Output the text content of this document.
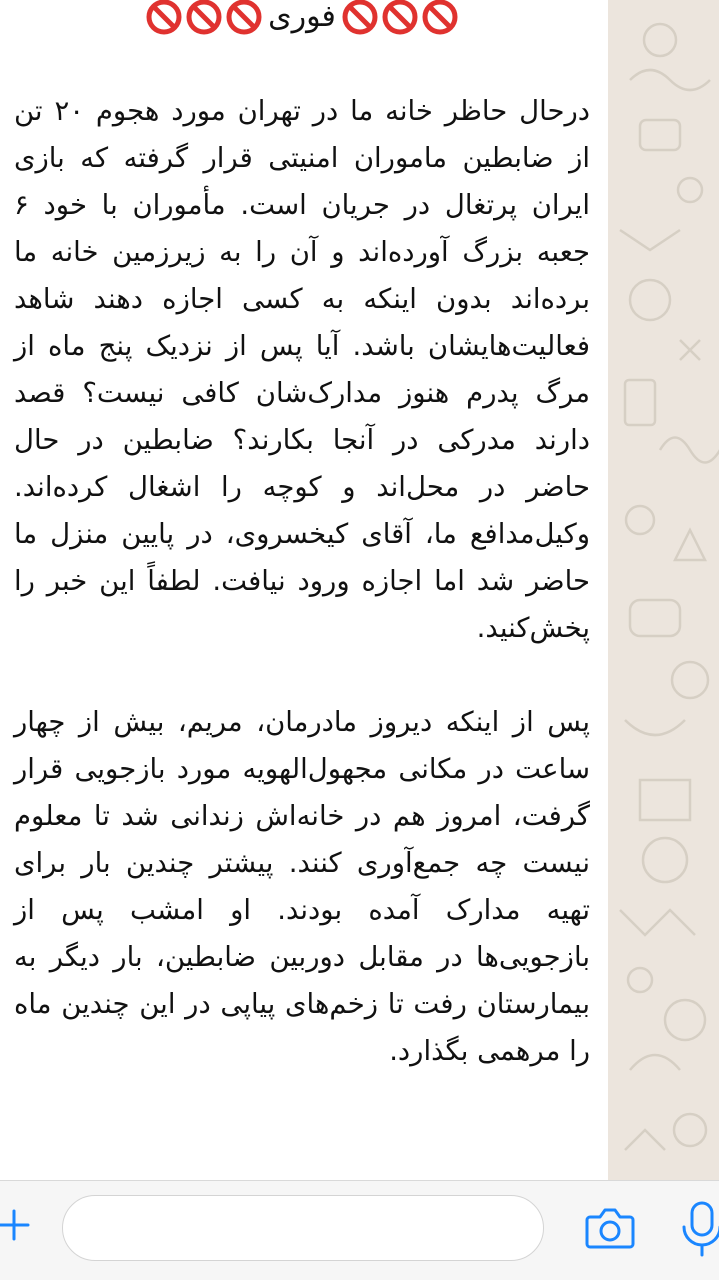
فوری

درحال حاظر خانه ما در تهران مورد هجوم ۲۰ تن از ضابطین ماموران امنیتی قرار گرفته که بازی ایران پرتغال در جریان است. مأموران با خود ۶ جعبه بزرگ آورده‌اند و آن را به زیرزمین خانه ما برده‌اند بدون اینکه به کسی اجازه دهند شاهد فعالیت‌هایشان باشد. آیا پس از نزدیک پنج ماه از مرگ پدرم هنوز مدارک‌شان کافی نیست؟ قصد دارند مدرکی در آنجا بکارند؟ ضابطین در حال حاضر در محل‌اند و کوچه را اشغال کرده‌اند. وکیل‌مدافع ما، آقای کیخسروی، در پایین منزل ما حاضر شد اما اجازه ورود نیافت. لطفاً این خبر را پخش‌کنید.

پس از اینکه دیروز مادرمان، مریم، بیش از چهار ساعت در مکانی مجهول‌الهویه مورد بازجویی قرار گرفت، امروز هم در خانه‌اش زندانی شد تا معلوم نیست چه جمع‌آوری کنند. پیشتر چندین بار برای تهیه مدارک آمده بودند. او امشب پس از بازجویی‌ها در مقابل دوربین ضابطین، بار دیگر به بیمارستان رفت تا زخم‌های پیاپی در این چندین ماه را مرهمی بگذارد.
